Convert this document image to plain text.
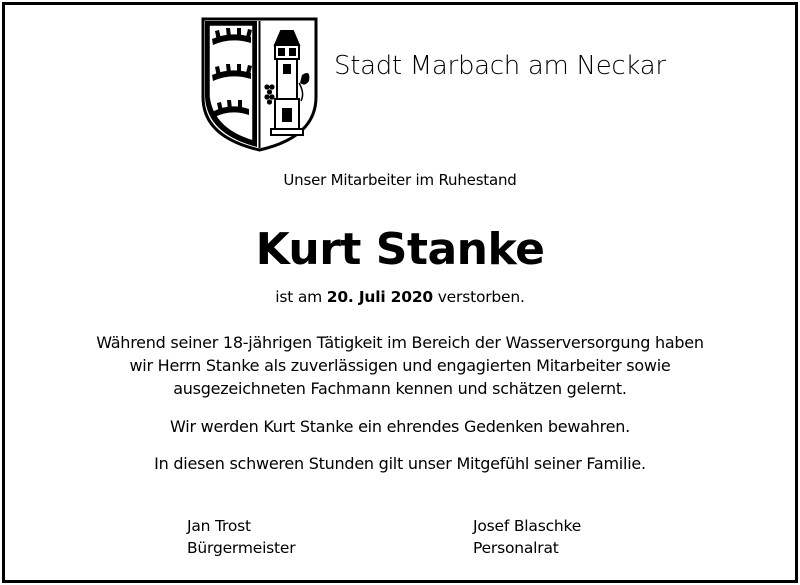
Stadt Marbach am Neckar
Unser Mitarbeiter im Ruhestand
Kurt Stanke
ist am 20. Juli 2020 verstorben.
Während seiner 18-jährigen Tätigkeit im Bereich der Wasserversorgung haben
wir Herrn Stanke als zuverlässigen und engagierten Mitarbeiter sowie
ausgezeichneten Fachmann kennen und schätzen gelernt.
Wir werden Kurt Stanke ein ehrendes Gedenken bewahren.
In diesen schweren Stunden gilt unser Mitgefühl seiner Familie.
Jan Trost
Bürgermeister
Josef Blaschke
Personalrat
